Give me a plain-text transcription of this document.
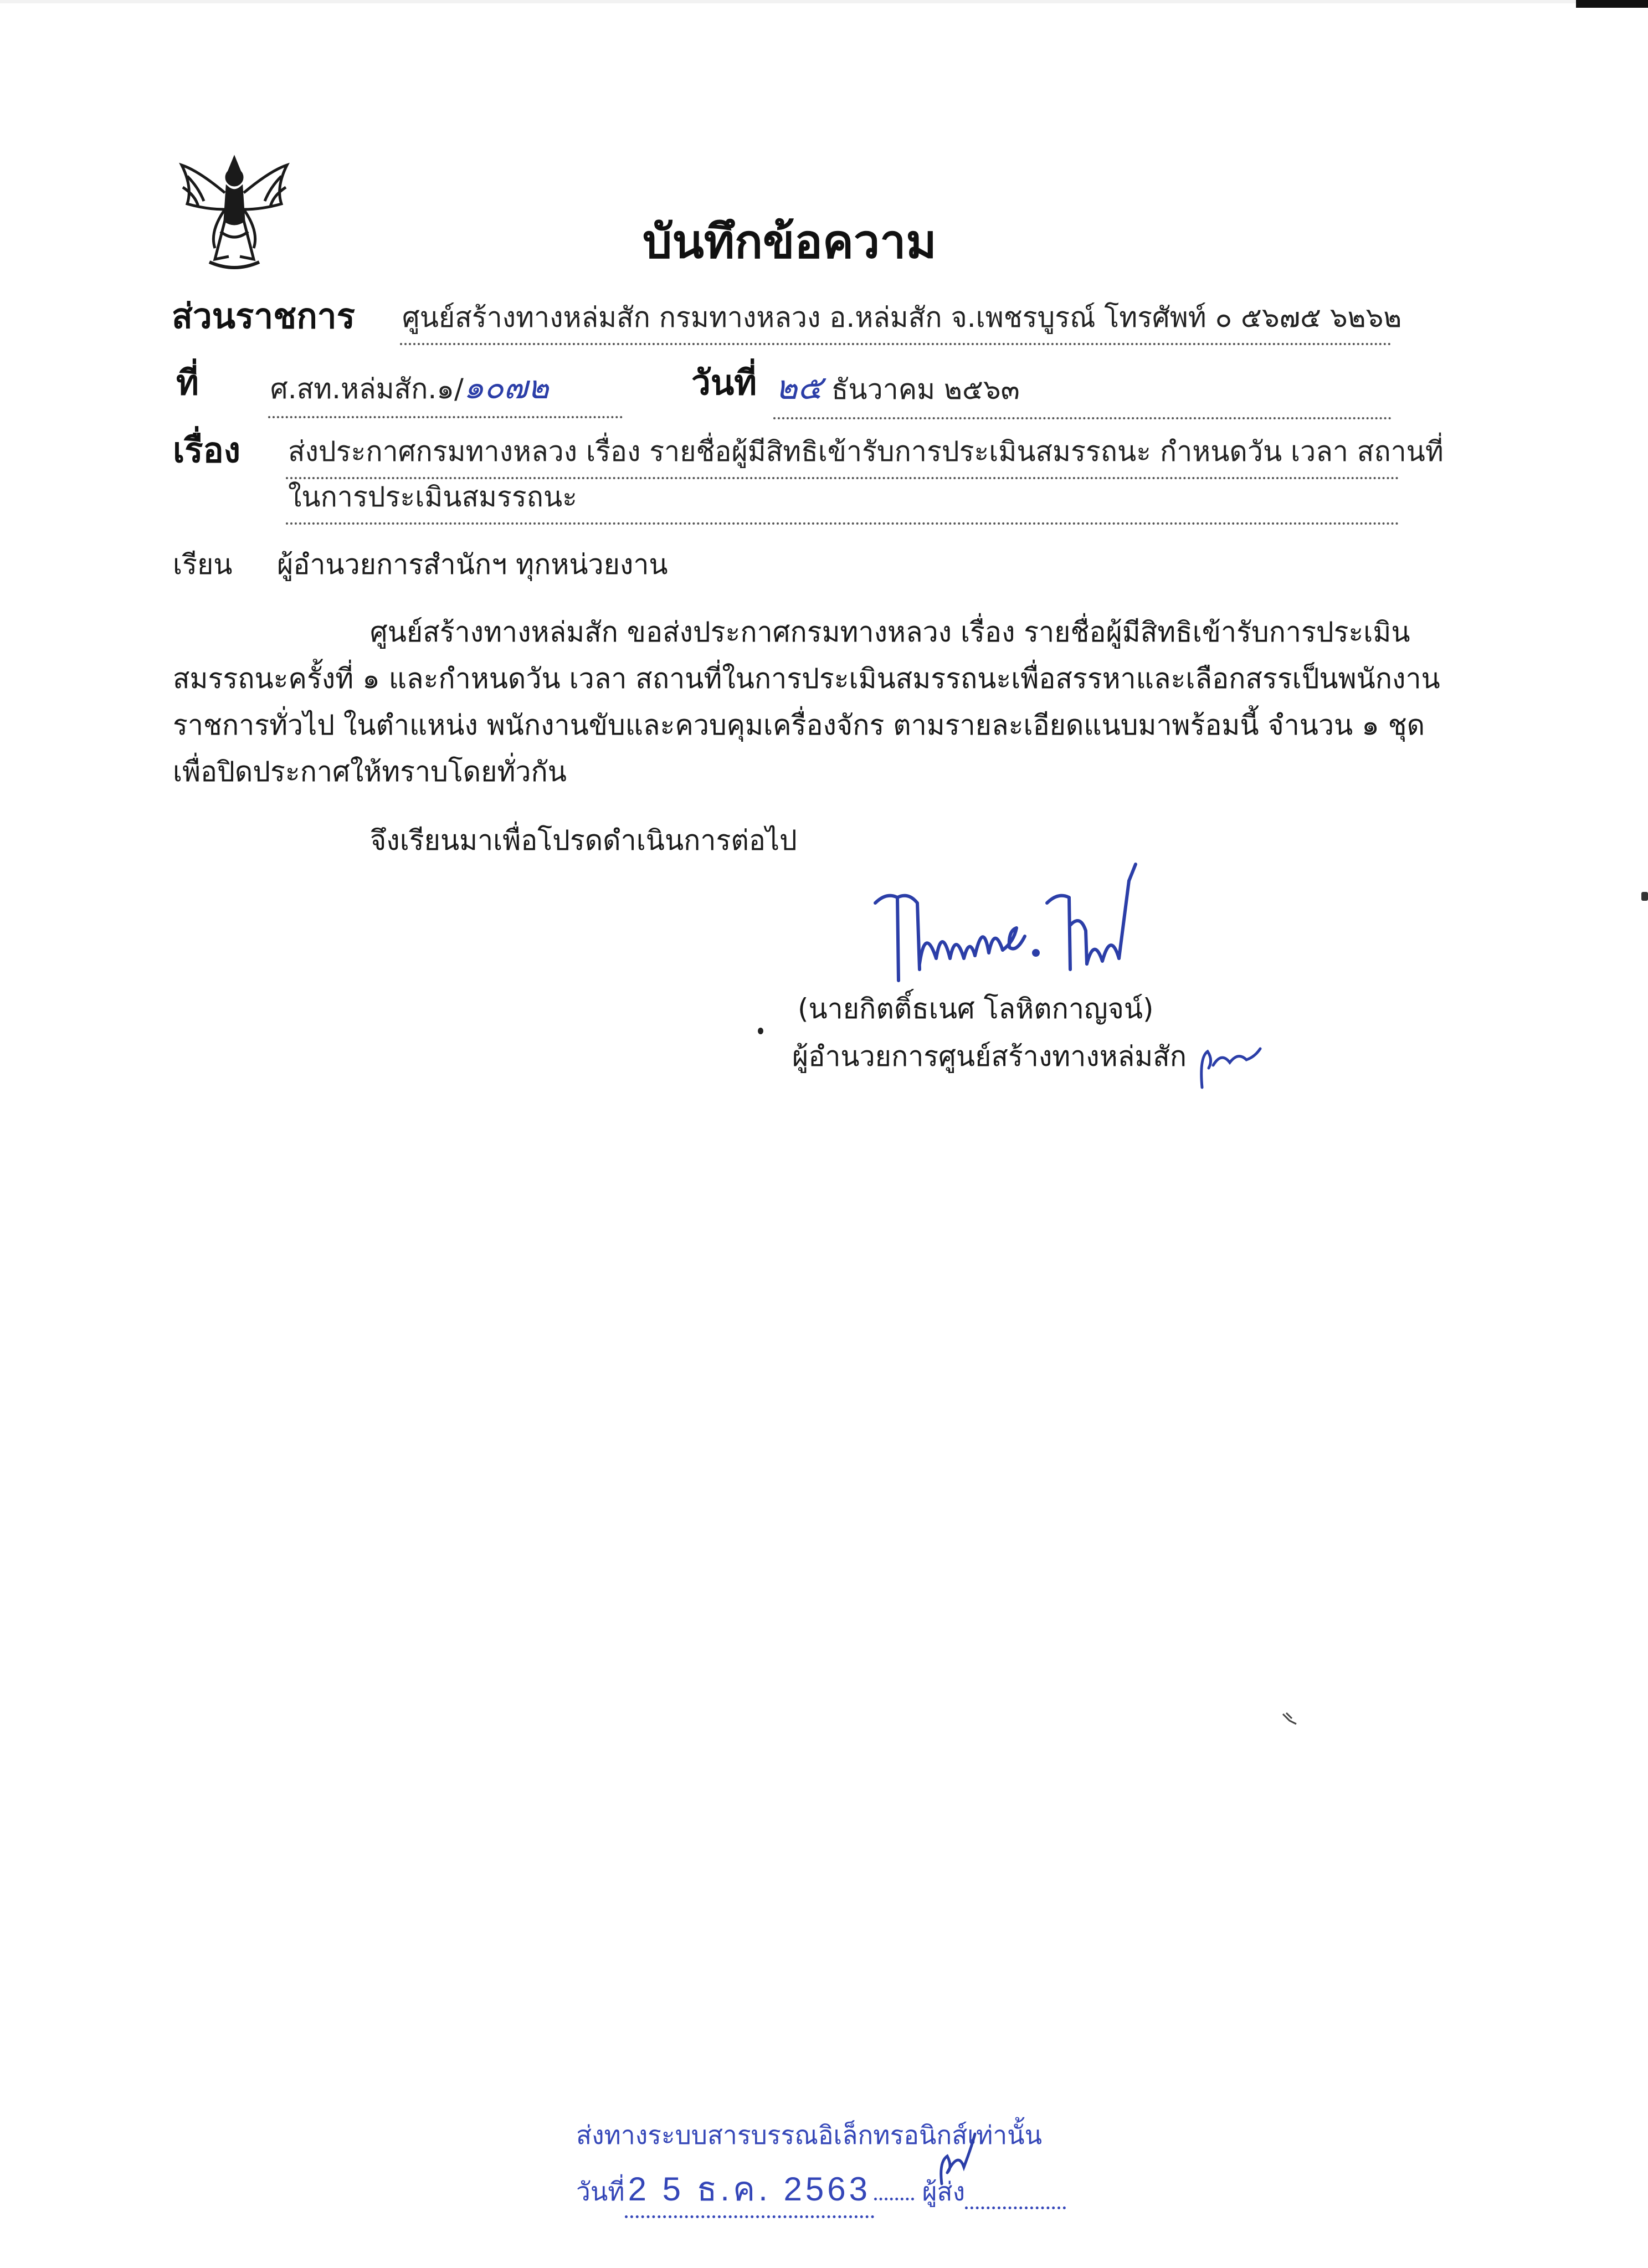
บันทึกข้อความ
ส่วนราชการ ศูนย์สร้างทางหล่มสัก กรมทางหลวง อ.หล่มสัก จ.เพชรบูรณ์ โทรศัพท์ ๐ ๕๖๗๕ ๖๒๖๒
ที่	ศ.สท.หล่มสัก.๑/๑๐๗๒	วันที่ ๒๕ ธันวาคม ๒๕๖๓
เรื่อง ส่งประกาศกรมทางหลวง เรื่อง รายชื่อผู้มีสิทธิเข้ารับการประเมินสมรรถนะ กำหนดวัน เวลา สถานที่
ในการประเมินสมรรถนะ
เรียน ผู้อำนวยการสำนักฯ ทุกหน่วยงาน
ศูนย์สร้างทางหล่มสัก ขอส่งประกาศกรมทางหลวง เรื่อง รายชื่อผู้มีสิทธิเข้ารับการประเมิน
สมรรถนะครั้งที่ ๑ และกำหนดวัน เวลา สถานที่ในการประเมินสมรรถนะเพื่อสรรหาและเลือกสรรเป็นพนักงาน
ราชการทั่วไป ในตำแหน่ง พนักงานขับและควบคุมเครื่องจักร ตามรายละเอียดแนบมาพร้อมนี้ จำนวน ๑ ชุด
เพื่อปิดประกาศให้ทราบโดยทั่วกัน
จึงเรียนมาเพื่อโปรดดำเนินการต่อไป
(นายกิตติ์ธเนศ โลหิตกาญจน์)
ผู้อำนวยการศูนย์สร้างทางหล่มสัก
ส่งทางระบบสารบรรณอิเล็กทรอนิกส์เท่านั้น
วันที่ 2 5 ธ.ค. 2563 ผู้ส่ง
